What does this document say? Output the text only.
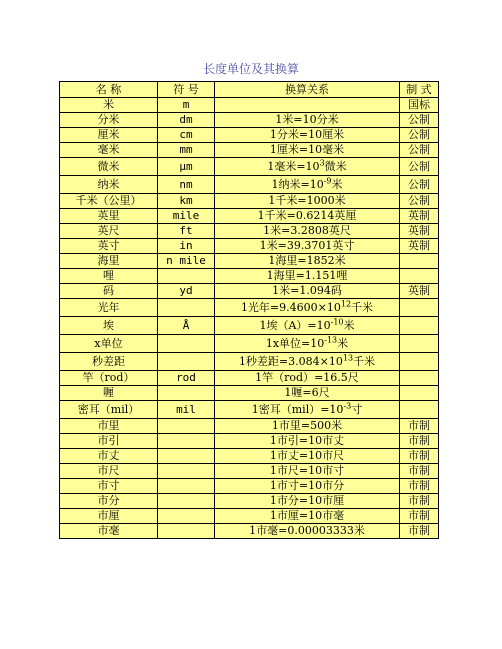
长度单位及其换算
名 称	符 号	换算关系	制 式
米	m		国标
分米	dm	1米=10分米	公制
厘米	cm	1分米=10厘米	公制
毫米	mm	1厘米=10毫米	公制
微米	μm	1毫米$=10^3$微米	公制
纳米	nm	1纳米$=10^{-9}$米	公制
千米（公里）	km	1千米=1000米	公制
英里	mile	1千米=0.6214英厘	英制
英尺	ft	1米=3.2808英尺	英制
英寸	in	1米=39.3701英寸	英制
海里	n mile	1海里=1852米	
哩		1海里=1.151哩	
码	yd	1米=1.094码	英制
光年		1光年$=9.4600\times 10^{12}$千米	
埃	Å	1埃$(A)=10^{-10}$米	
x单位		1x单位$=10^{-13}$米	
秒差距		1秒差距$=3.084\times 10^{13}$千米	
竿（rod）	rod	1竿（rod）=16.5尺	
喱		1喱=6尺	
密耳（mil）	mil	1密耳$(mil)=10^{-3}$寸	
市里		1市里=500米	市制
市引		1市引=10市丈	市制
市丈		1市丈=10市尺	市制
市尺		1市尺=10市寸	市制
市寸		1市寸=10市分	市制
市分		1市分=10市厘	市制
市厘		1市厘=10市毫	市制
市毫		1市毫=0.00003333米	市制
